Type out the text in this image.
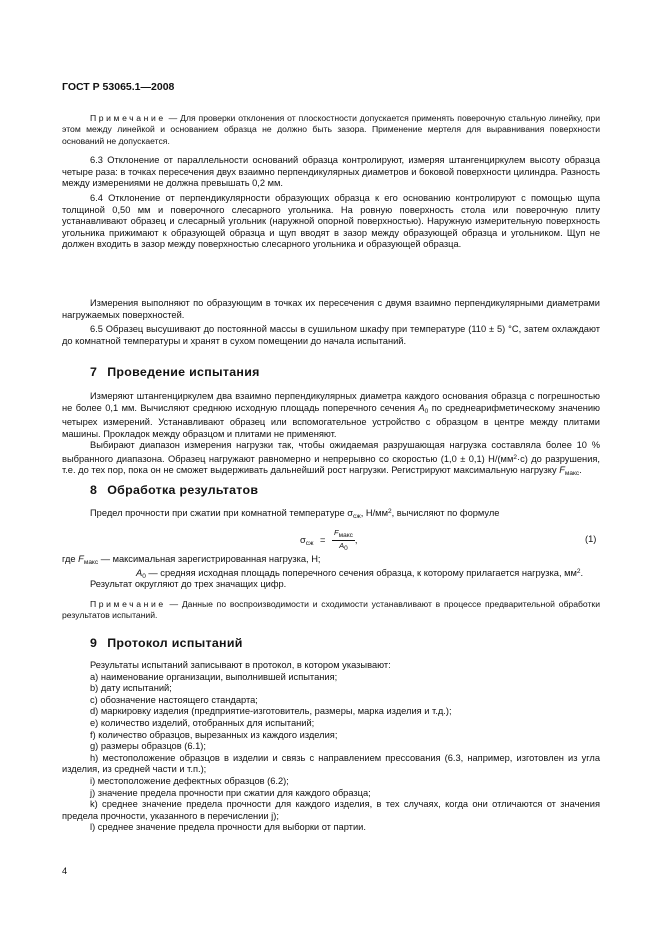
ГОСТ Р 53065.1—2008

Примечание — Для проверки отклонения от плоскостности допускается применять поверочную стальную линейку, при этом между линейкой и основанием образца не должно быть зазора. Применение мертеля для выравнивания поверхности оснований не допускается.

6.3 Отклонение от параллельности оснований образца контролируют, измеряя штангенциркулем высоту образца четыре раза: в точках пересечения двух взаимно перпендикулярных диаметров и боковой поверхности цилиндра. Разность между измерениями не должна превышать 0,2 мм.

6.4 Отклонение от перпендикулярности образующих образца к его основанию контролируют с помощью щупа толщиной 0,50 мм и поверочного слесарного угольника. На ровную поверхность стола или поверочную плиту устанавливают образец и слесарный угольник (наружной опорной поверхностью). Наружную измерительную поверхность угольника прижимают к образующей образца и щуп вводят в зазор между образующей образца и угольником. Щуп не должен входить в зазор между поверхностью слесарного угольника и образующей образца.

Измерения выполняют по образующим в точках их пересечения с двумя взаимно перпендикулярными диаметрами нагружаемых поверхностей.

6.5 Образец высушивают до постоянной массы в сушильном шкафу при температуре (110 ± 5) °С, затем охлаждают до комнатной температуры и хранят в сухом помещении до начала испытаний.

7 Проведение испытания

Измеряют штангенциркулем два взаимно перпендикулярных диаметра каждого основания образца с погрешностью не более 0,1 мм. Вычисляют среднюю исходную площадь поперечного сечения $A_0$ по среднеарифметическому значению четырех измерений. Устанавливают образец или вспомогательное устройство с образцом в центре между плитами машины. Прокладок между образцом и плитами не применяют.

Выбирают диапазон измерения нагрузки так, чтобы ожидаемая разрушающая нагрузка составляла более 10 % выбранного диапазона. Образец нагружают равномерно и непрерывно со скоростью (1,0 ± 0,1) $Н/(мм^2\cdot с)$ до разрушения, т.е. до тех пор, пока он не сможет выдерживать дальнейший рост нагрузки. Регистрируют максимальную нагрузку $F_{макс}$.

8 Обработка результатов

Предел прочности при сжатии при комнатной температуре $\sigma_{сж}$, $Н/мм^2$, вычисляют по формуле

$\sigma_{сж} = \frac{F_{макс}}{A_0}$ ,	(1)
где $F_{макс}$ — максимальная зарегистрированная нагрузка, Н;
$A_0$ — средняя исходная площадь поперечного сечения образца, к которому прилагается нагрузка, $мм^2$.
Результат округляют до трех значащих цифр.

Примечание — Данные по воспроизводимости и сходимости устанавливают в процессе предварительной обработки результатов испытаний.

9 Протокол испытаний

Результаты испытаний записывают в протокол, в котором указывают:

а) наименование организации, выполнившей испытания;

b) дату испытаний;

с) обозначение настоящего стандарта;

d) маркировку изделия (предприятие-изготовитель, размеры, марка изделия и т.д.);

е) количество изделий, отобранных для испытаний;

f) количество образцов, вырезанных из каждого изделия;

g) размеры образцов (6.1);

h) местоположение образцов в изделии и связь с направлением прессования (6.3, например, изготовлен из угла изделия, из средней части и т.п.);

i) местоположение дефектных образцов (6.2);

j) значение предела прочности при сжатии для каждого образца;

k) среднее значение предела прочности для каждого изделия, в тех случаях, когда они отличаются от значения предела прочности, указанного в перечислении j);

l) среднее значение предела прочности для выборки от партии.

4
